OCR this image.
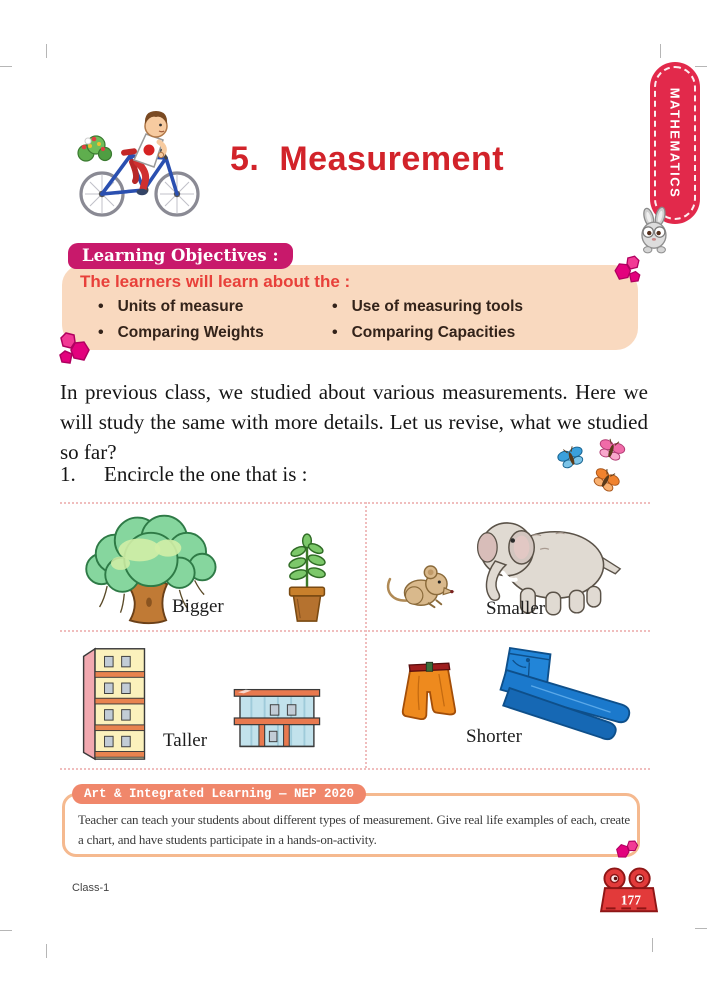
MATHEMATICS
5. Measurement
Learning Objectives :
The learners will learn about the :
• Units of measure
• Comparing Weights
• Use of measuring tools
• Comparing Capacities
In previous class, we studied about various measurements. Here we will study the same with more details. Let us revise, what we studied so far?
1.	Encircle the one that is :
Bigger	Smaller
Taller	Shorter
Art & Integrated Learning — NEP 2020
Teacher can teach your students about different types of measurement. Give real life examples of each, create a chart, and have students participate in a hands-on-activity.
Class-1
177
